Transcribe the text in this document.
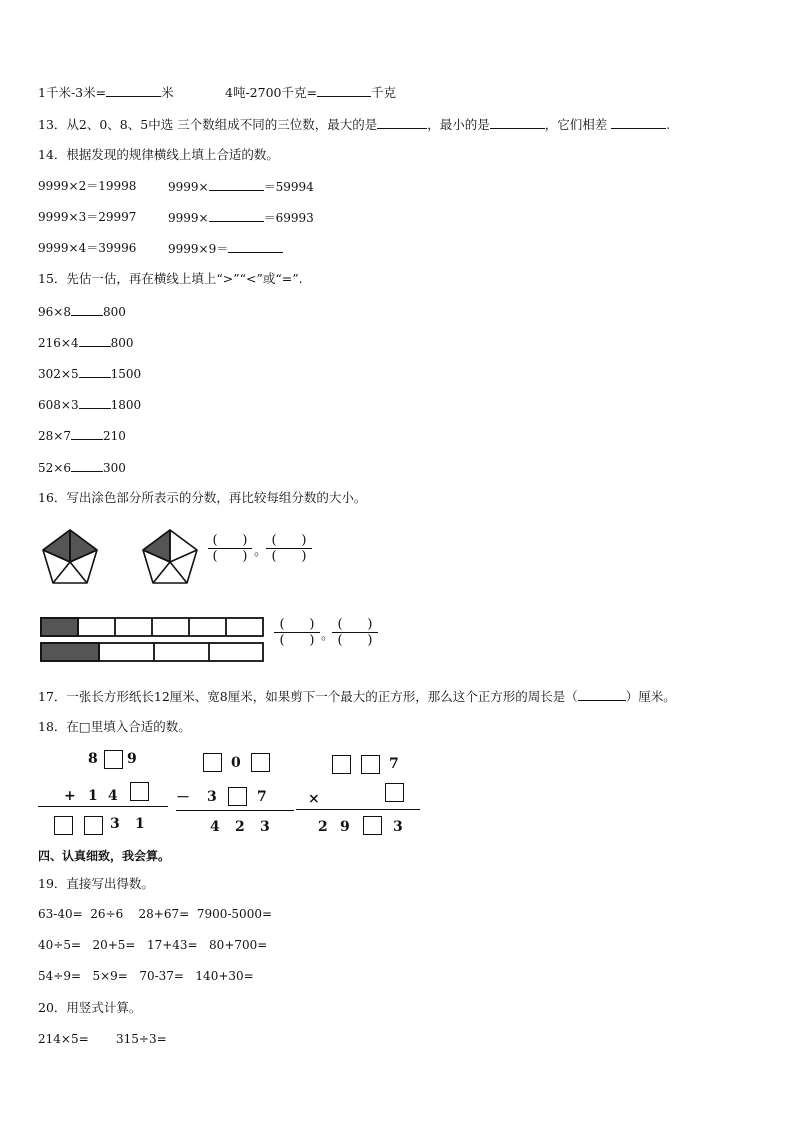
1千米-3米=	米	4吨-2700千克=	千克
13．从2、0、8、5中选 三个数组成不同的三位数，最大的是	，最小的是	，它们相差	.
14．根据发现的规律横线上填上合适的数。
9999×2＝19998	9999×	＝59994
9999×3＝29997	9999×	＝69993
9999×4＝39996	9999×9＝
15．先估一估，再在横线上填上“>”“<”或“=”.
96×8	800
216×4	800
302×5	1500
608×3	1800
28×7	210
52×6	300
16．写出涂色部分所表示的分数，再比较每组分数的大小。
( )
( ) 。
( )
( )
( )
( ) 。
( )
( )
17．一张长方形纸长12厘米、宽8厘米，如果剪下一个最大的正方形，那么这个正方形的周长是（	）厘米。
18．在□里填入合适的数。
8 9
+ 1 4
3 1
0
－ 3	7
4 2 3
7
×
2 9	3
四、认真细致，我会算。
19．直接写出得数。
63-40= 26÷6 28+67= 7900-5000=
40÷5= 20+5= 17+43= 80+700=
54÷9= 5×9= 70-37= 140+30=
20．用竖式计算。
214×5= 315÷3=
